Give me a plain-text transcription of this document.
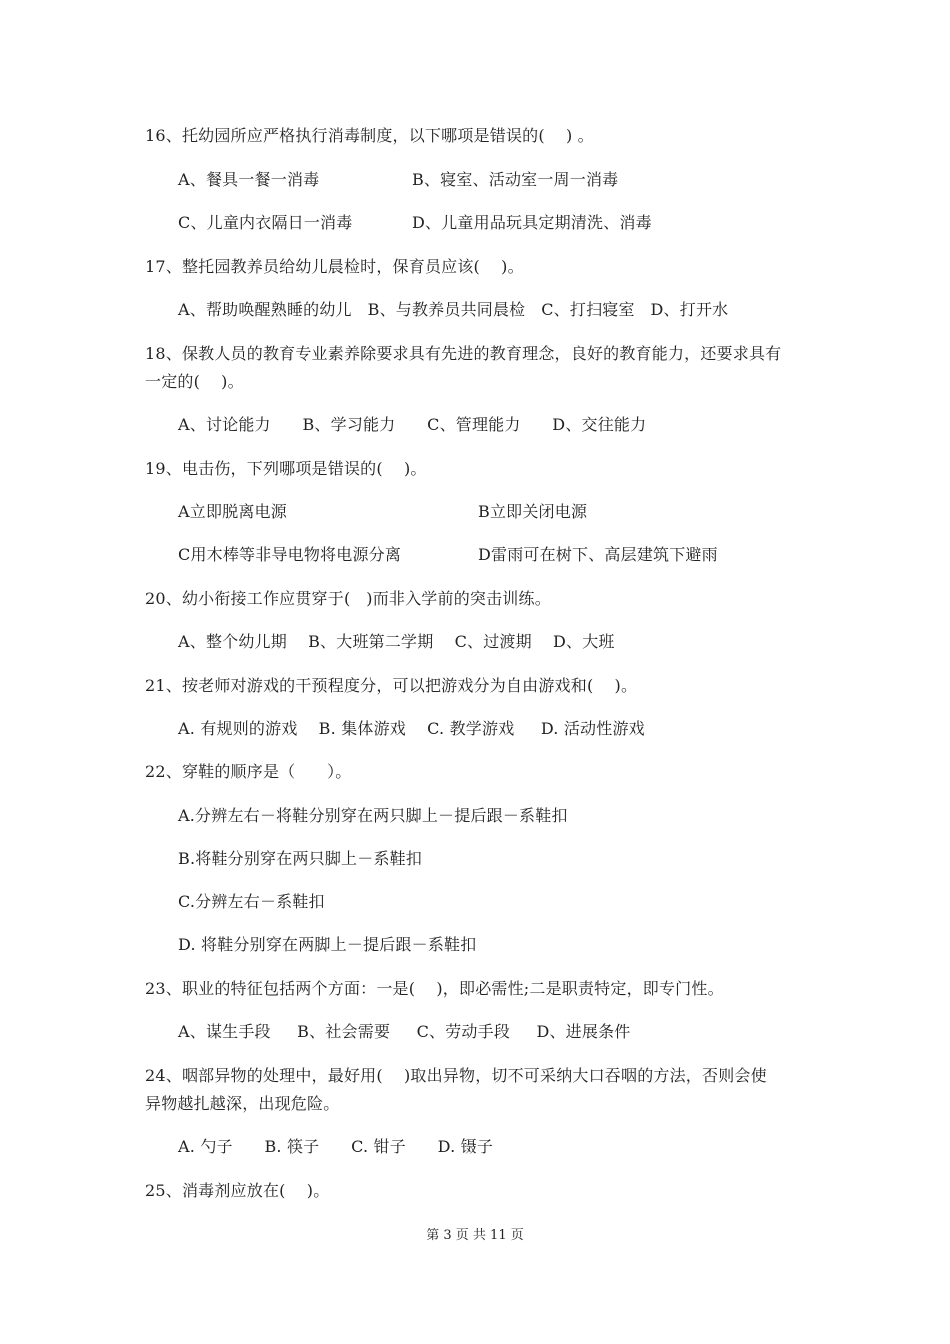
16、托幼园所应严格执行消毒制度，以下哪项是错误的(    ) 。
A、餐具一餐一消毒	B、寝室、活动室一周一消毒
C、儿童内衣隔日一消毒	D、儿童用品玩具定期清洗、消毒
17、整托园教养员给幼儿晨检时，保育员应该(    )。
A、帮助唤醒熟睡的幼儿   B、与教养员共同晨检   C、打扫寝室   D、打开水
18、保教人员的教育专业素养除要求具有先进的教育理念，良好的教育能力，还要求具有
一定的(    )。
A、讨论能力      B、学习能力      C、管理能力      D、交往能力
19、电击伤，下列哪项是错误的(    )。
A立即脱离电源	B立即关闭电源
C用木棒等非导电物将电源分离	D雷雨可在树下、高层建筑下避雨
20、幼小衔接工作应贯穿于(   )而非入学前的突击训练。
A、整个幼儿期    B、大班第二学期    C、过渡期    D、大班
21、按老师对游戏的干预程度分，可以把游戏分为自由游戏和(    )。
A. 有规则的游戏    B. 集体游戏    C. 教学游戏     D. 活动性游戏
22、穿鞋的顺序是（      ）。
A.分辨左右－将鞋分别穿在两只脚上－提后跟－系鞋扣
B.将鞋分别穿在两只脚上－系鞋扣
C.分辨左右－系鞋扣
D. 将鞋分别穿在两脚上－提后跟－系鞋扣
23、职业的特征包括两个方面：一是(    )，即必需性;二是职责特定，即专门性。
A、谋生手段     B、社会需要     C、劳动手段     D、进展条件
24、咽部异物的处理中，最好用(    )取出异物，切不可采纳大口吞咽的方法，否则会使
异物越扎越深，出现危险。
A. 勺子      B. 筷子      C. 钳子      D. 镊子
25、消毒剂应放在(    )。
第 3 页 共 11 页
